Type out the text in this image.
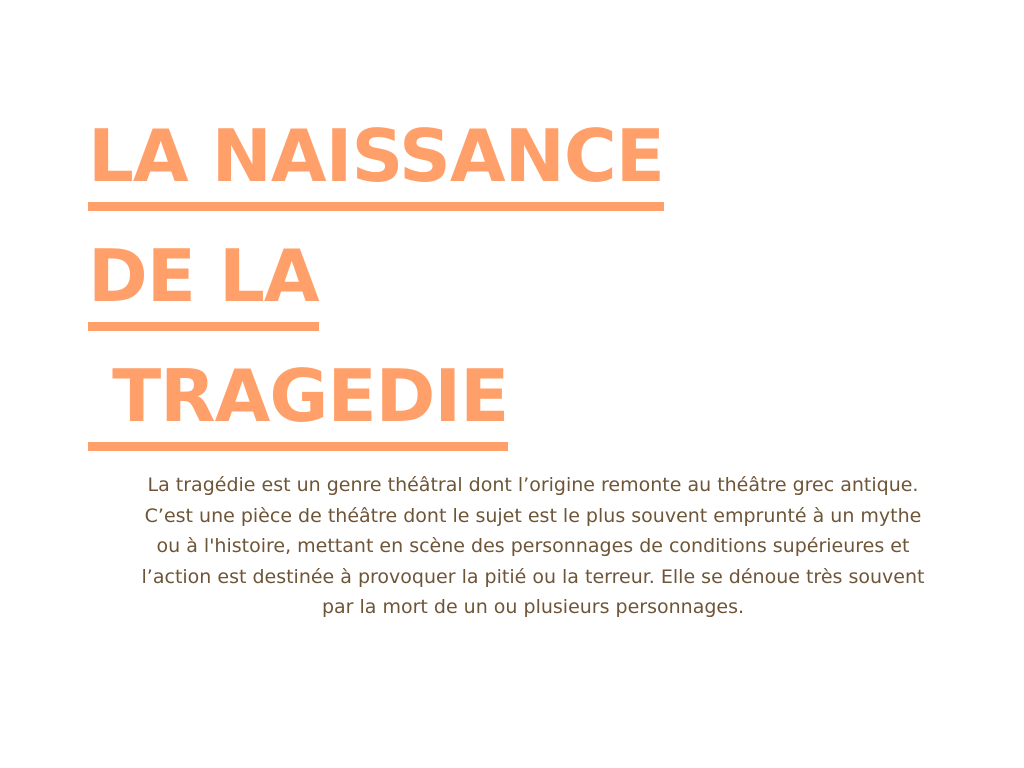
LA NAISSANCE
DE LA
TRAGEDIE

La tragédie est un genre théâtral dont l’origine remonte au théâtre grec antique. C’est une pièce de théâtre dont le sujet est le plus souvent emprunté à un mythe ou à l'histoire, mettant en scène des personnages de conditions supérieures et l’action est destinée à provoquer la pitié ou la terreur. Elle se dénoue très souvent par la mort de un ou plusieurs personnages.
